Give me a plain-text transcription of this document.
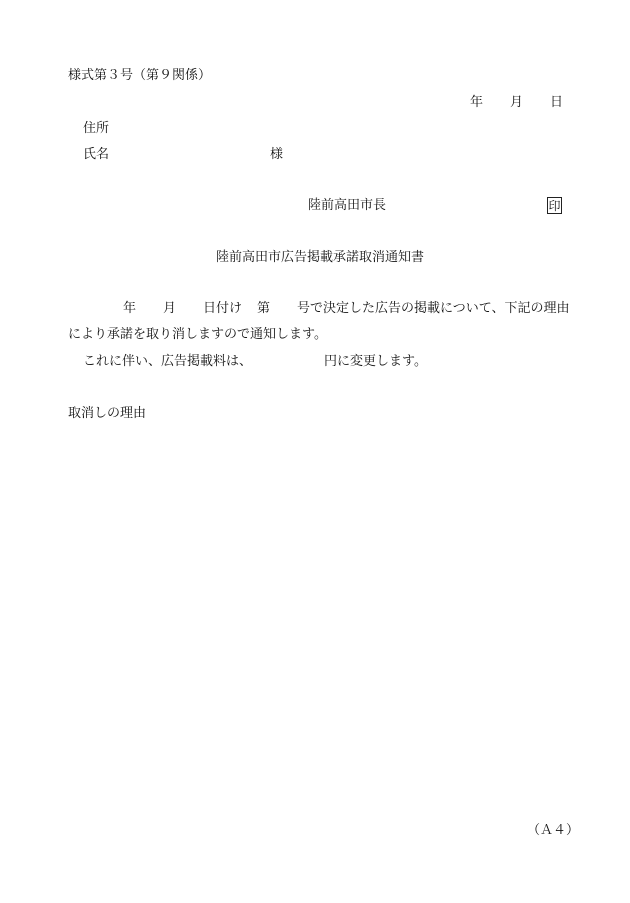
様式第３号（第９関係）
年 月 日
住所
氏名	様
陸前高田市長	印
陸前高田市広告掲載承諾取消通知書
年 月 日付け 第 号で決定した広告の掲載について、下記の理由
により承諾を取り消しますので通知します。
これに伴い、広告掲載料は、	円に変更します。
取消しの理由
（Ａ４）
